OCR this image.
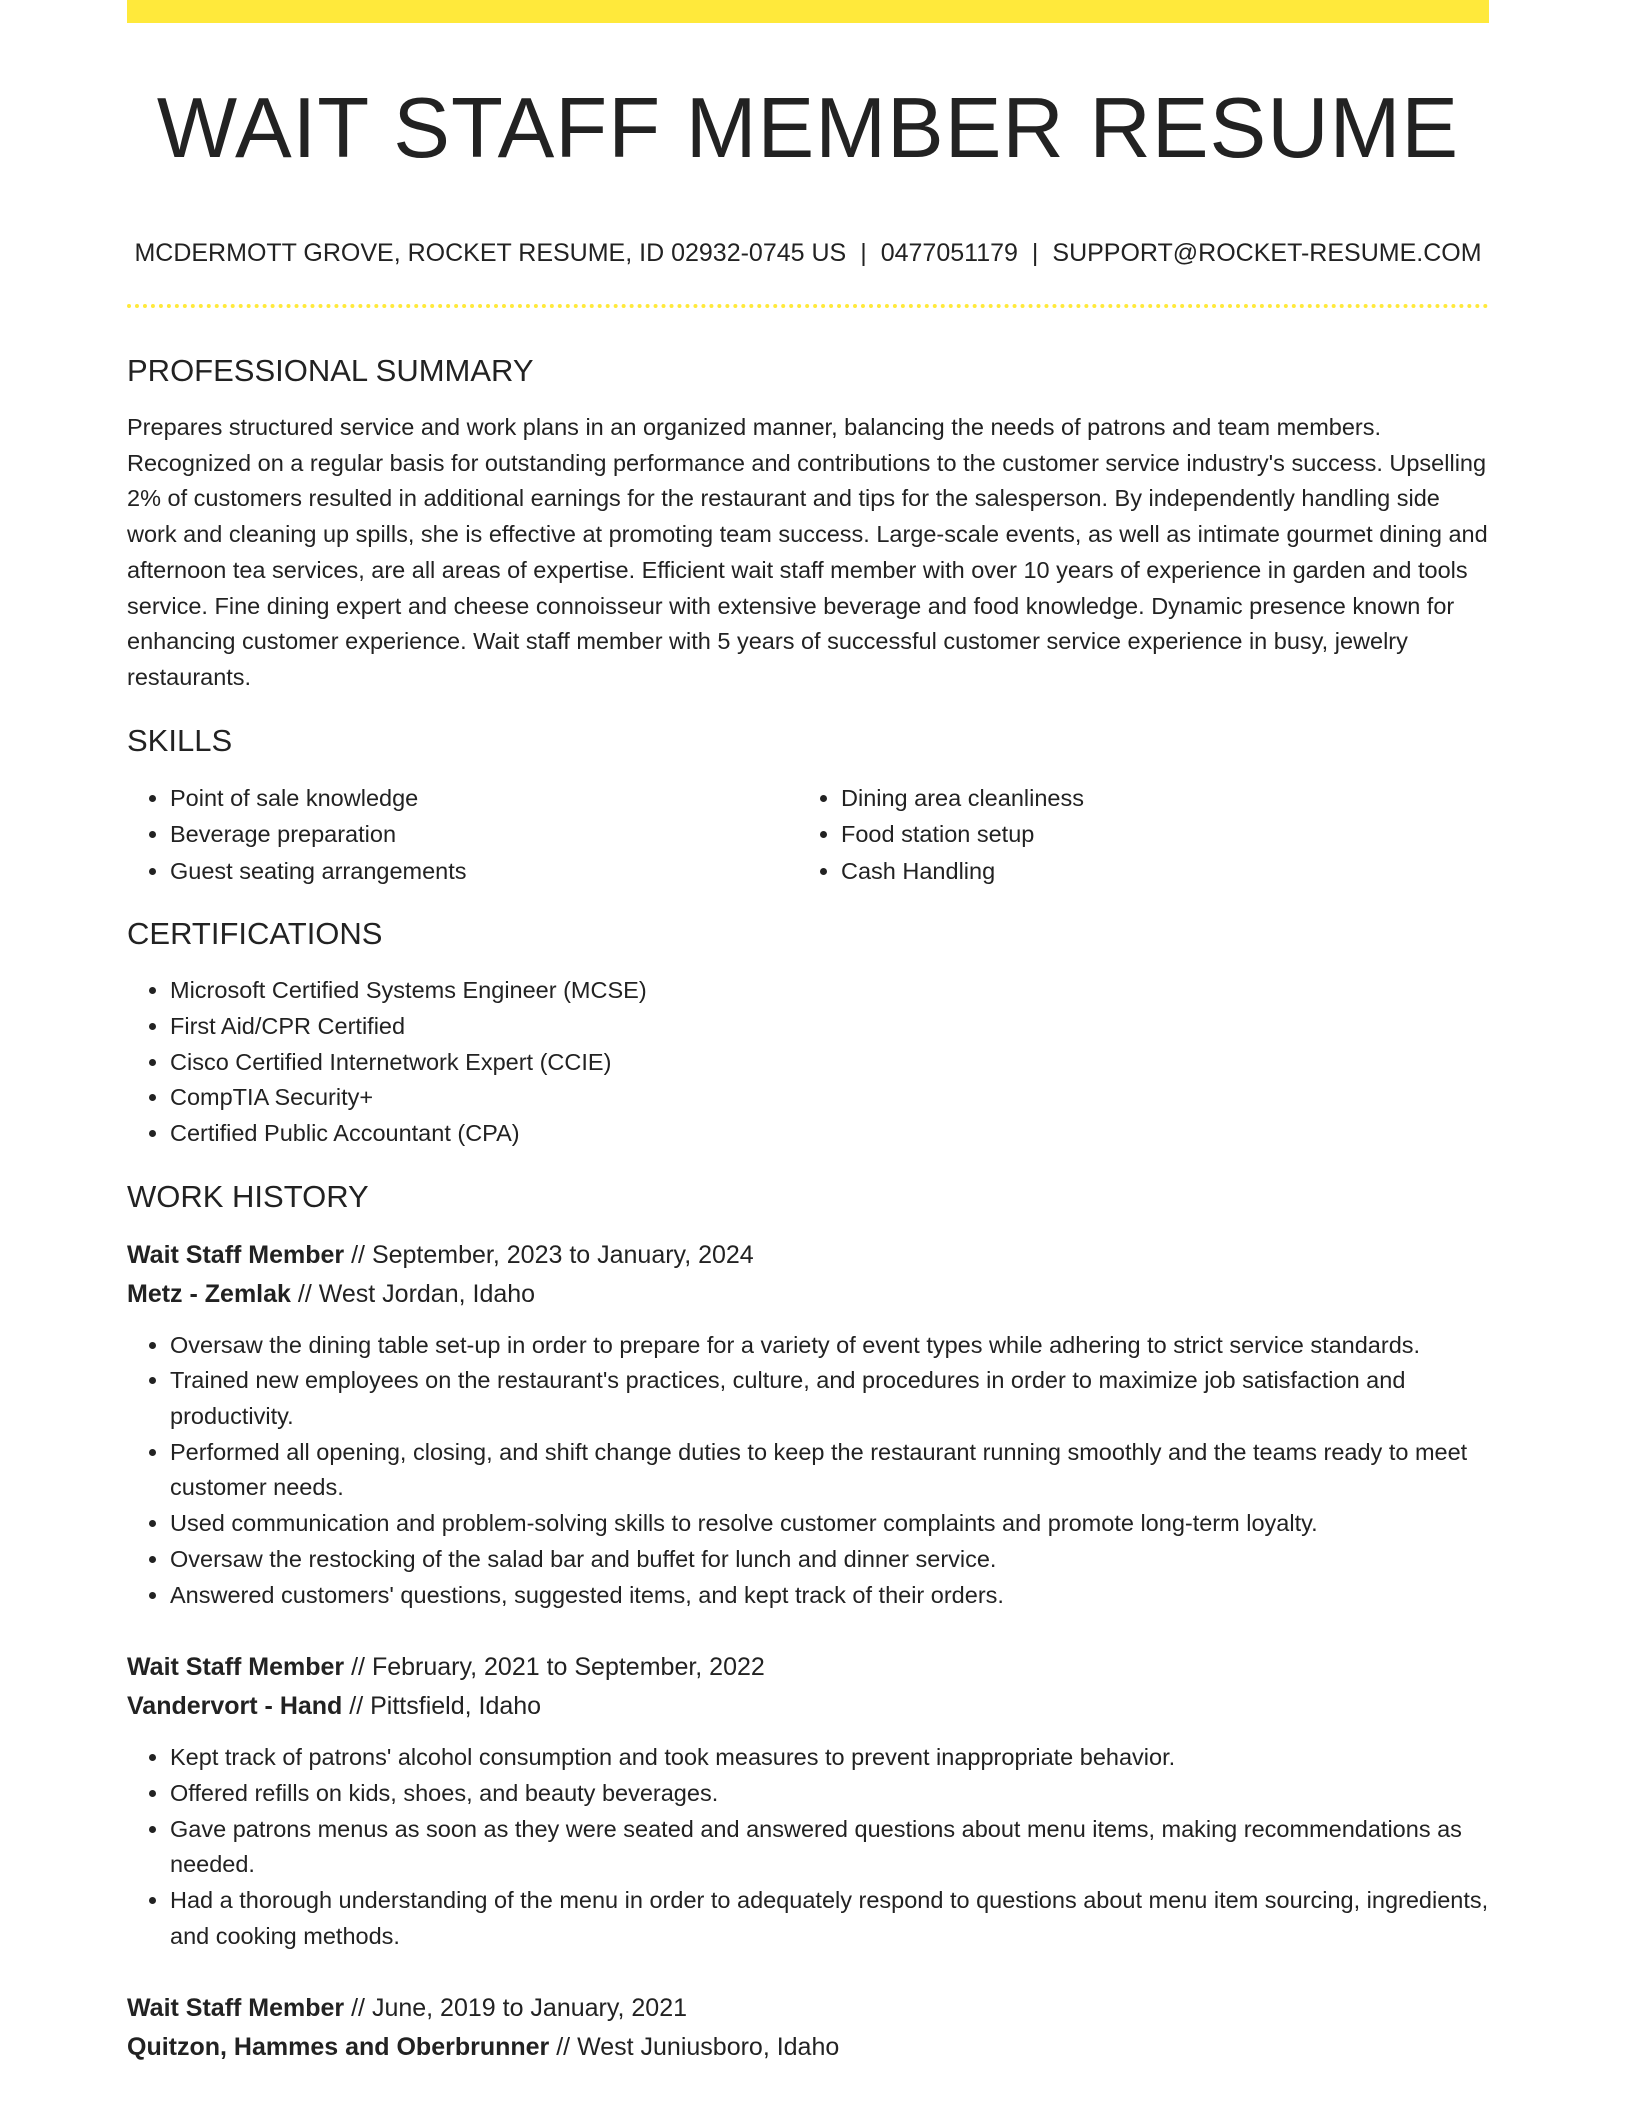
WAIT STAFF MEMBER RESUME
MCDERMOTT GROVE, ROCKET RESUME, ID 02932-0745 US | 0477051179 | SUPPORT@ROCKET-RESUME.COM
PROFESSIONAL SUMMARY

Prepares structured service and work plans in an organized manner, balancing the needs of patrons and team members. Recognized on a regular basis for outstanding performance and contributions to the customer service industry's success. Upselling 2% of customers resulted in additional earnings for the restaurant and tips for the salesperson. By independently handling side work and cleaning up spills, she is effective at promoting team success. Large-scale events, as well as intimate gourmet dining and afternoon tea services, are all areas of expertise. Efficient wait staff member with over 10 years of experience in garden and tools service. Fine dining expert and cheese connoisseur with extensive beverage and food knowledge. Dynamic presence known for enhancing customer experience. Wait staff member with 5 years of successful customer service experience in busy, jewelry restaurants.

SKILLS
• Point of sale knowledge
• Beverage preparation
• Guest seating arrangements
• Dining area cleanliness
• Food station setup
• Cash Handling
CERTIFICATIONS
• Microsoft Certified Systems Engineer (MCSE)
• First Aid/CPR Certified
• Cisco Certified Internetwork Expert (CCIE)
• CompTIA Security+
• Certified Public Accountant (CPA)
WORK HISTORY
Wait Staff Member // September, 2023 to January, 2024
Metz - Zemlak // West Jordan, Idaho
• Oversaw the dining table set-up in order to prepare for a variety of event types while adhering to strict service standards.
• Trained new employees on the restaurant's practices, culture, and procedures in order to maximize job satisfaction and productivity.
• Performed all opening, closing, and shift change duties to keep the restaurant running smoothly and the teams ready to meet customer needs.
• Used communication and problem-solving skills to resolve customer complaints and promote long-term loyalty.
• Oversaw the restocking of the salad bar and buffet for lunch and dinner service.
• Answered customers' questions, suggested items, and kept track of their orders.
Wait Staff Member // February, 2021 to September, 2022
Vandervort - Hand // Pittsfield, Idaho
• Kept track of patrons' alcohol consumption and took measures to prevent inappropriate behavior.
• Offered refills on kids, shoes, and beauty beverages.
• Gave patrons menus as soon as they were seated and answered questions about menu items, making recommendations as needed.
• Had a thorough understanding of the menu in order to adequately respond to questions about menu item sourcing, ingredients, and cooking methods.
Wait Staff Member // June, 2019 to January, 2021
Quitzon, Hammes and Oberbrunner // West Juniusboro, Idaho
